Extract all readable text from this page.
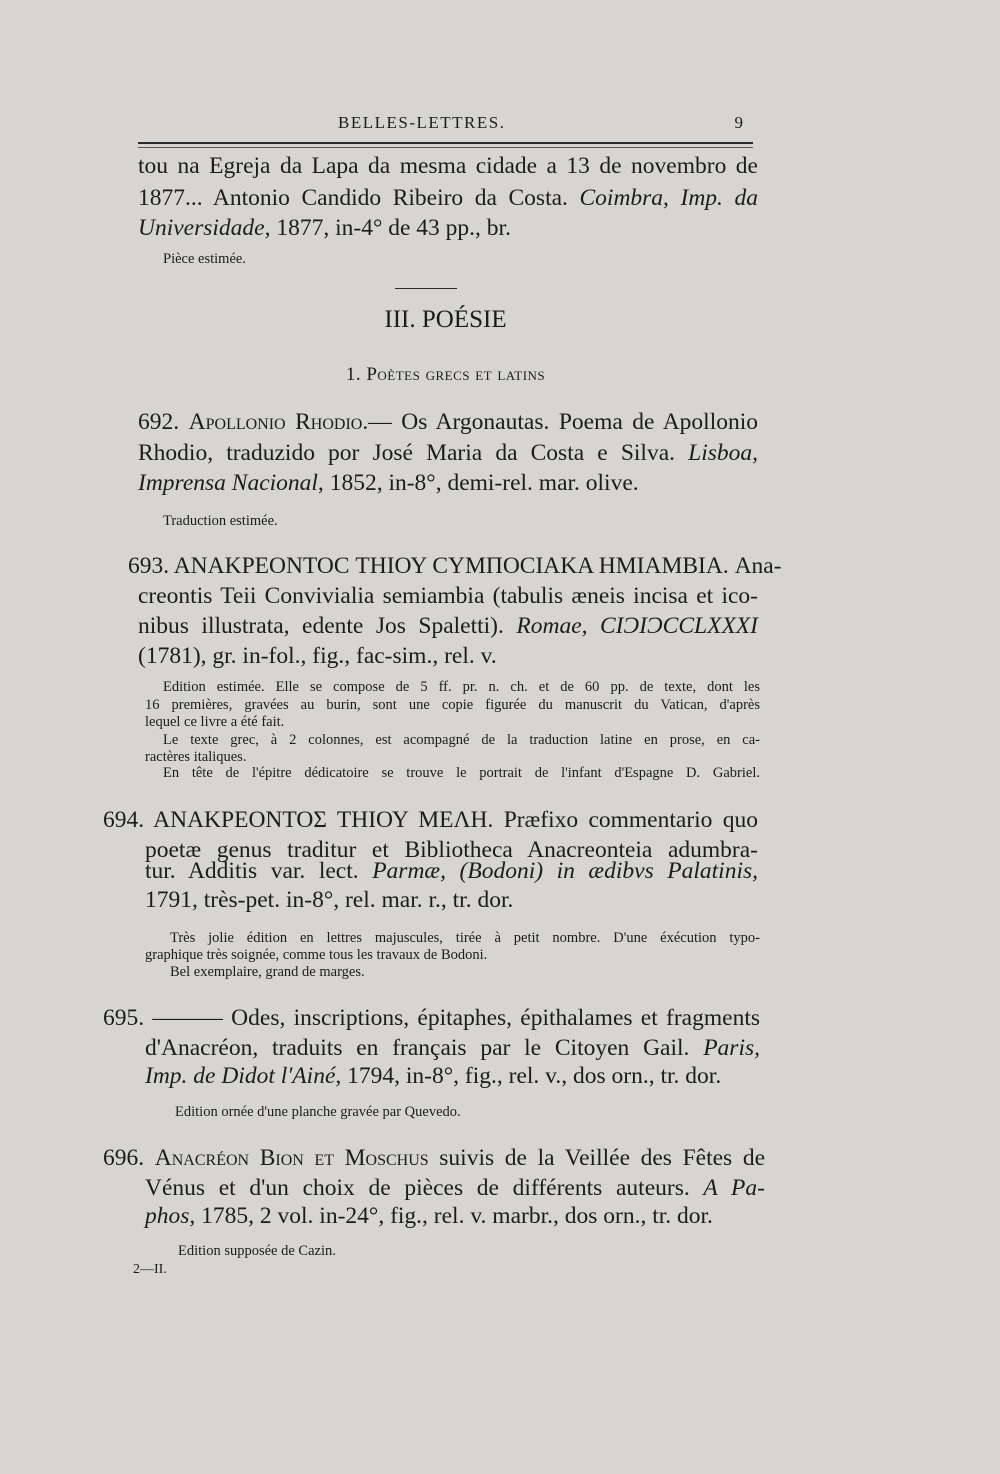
BELLES-LETTRES.	9
tou na Egreja da Lapa da mesma cidade a 13 de novembro de
1877... Antonio Candido Ribeiro da Costa. Coimbra, Imp. da
Universidade, 1877, in-4° de 43 pp., br.
Pièce estimée.
III. POÉSIE
1. Poètes grecs et latins
692. Apollonio Rhodio.— Os Argonautas. Poema de Apollonio
Rhodio, traduzido por José Maria da Costa e Silva. Lisboa,
Imprensa Nacional, 1852, in-8°, demi-rel. mar. olive.
Traduction estimée.
693. ΑΝΑΚΡΕΟΝΤΟC ΤΗΙΟΥ CΥΜΠΟCΙΑΚΑ ΗΜΙΑΜΒΙΑ. Ana-
creontis Teii Convivialia semiambia (tabulis æneis incisa et ico-
nibus illustrata, edente Jos Spaletti). Romae, CIƆIƆCCLXXXI
(1781), gr. in-fol., fig., fac-sim., rel. v.
Edition estimée. Elle se compose de 5 ff. pr. n. ch. et de 60 pp. de texte, dont les
16 premières, gravées au burin, sont une copie figurée du manuscrit du Vatican, d'après
lequel ce livre a été fait.
Le texte grec, à 2 colonnes, est acompagné de la traduction latine en prose, en ca-
ractères italiques.
En tête de l'épitre dédicatoire se trouve le portrait de l'infant d'Espagne D. Gabriel.
694. ΑΝΑΚΡΕΟΝΤΟΣ ΤΗΙΟΥ ΜΕΛΗ. Præfixo commentario quo
poetæ genus traditur et Bibliotheca Anacreonteia adumbra-
tur. Additis var. lect. Parmæ, (Bodoni) in ædibvs Palatinis,
1791, très-pet. in-8°, rel. mar. r., tr. dor.
Très jolie édition en lettres majuscules, tirée à petit nombre. D'une éxécution typo-
graphique très soignée, comme tous les travaux de Bodoni.
Bel exemplaire, grand de marges.
695. ——— Odes, inscriptions, épitaphes, épithalames et fragments
d'Anacréon, traduits en français par le Citoyen Gail. Paris,
Imp. de Didot l'Ainé, 1794, in-8°, fig., rel. v., dos orn., tr. dor.
Edition ornée d'une planche gravée par Quevedo.
696. Anacréon Bion et Moschus suivis de la Veillée des Fêtes de
Vénus et d'un choix de pièces de différents auteurs. A Pa-
phos, 1785, 2 vol. in-24°, fig., rel. v. marbr., dos orn., tr. dor.
Edition supposée de Cazin.
2—II.
